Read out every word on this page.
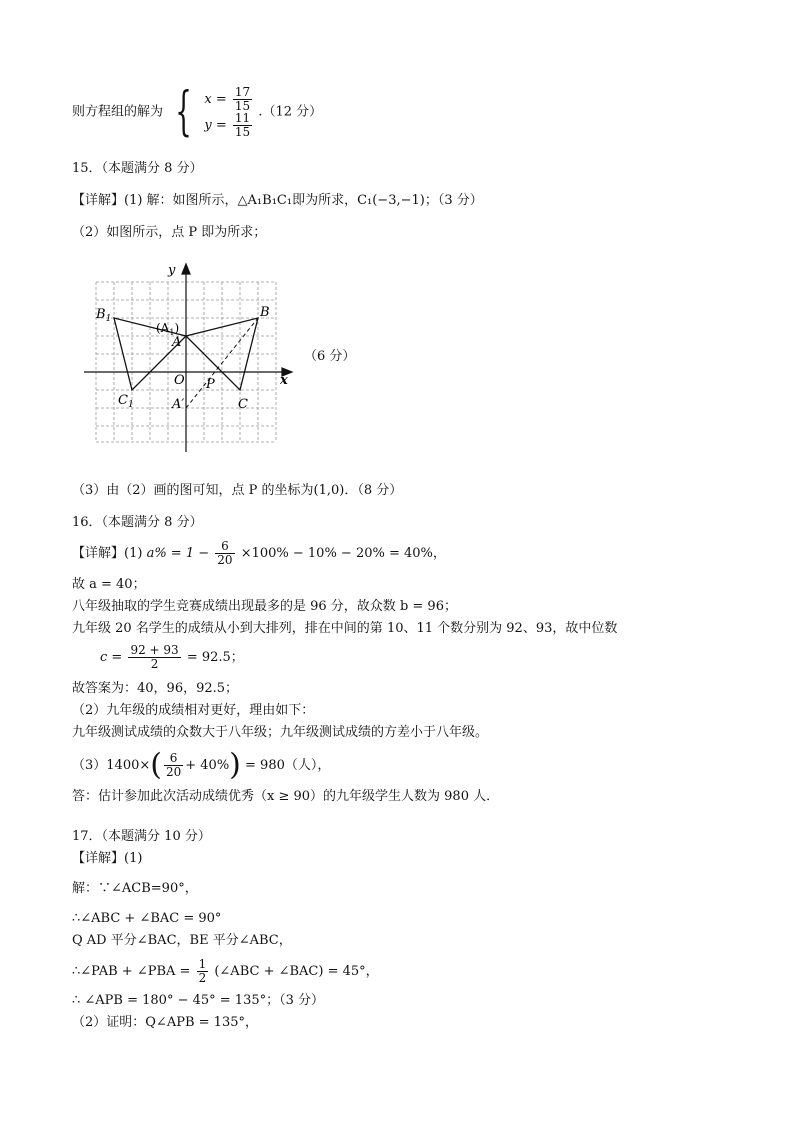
则方程组的解为 { $x = \frac{17}{15}$
$y = \frac{11}{15} .(12$ 分）
15．（本题满分 8 分）
【详解】(1) 解：如图所示，△A₁B₁C₁即为所求，C₁(−3,−1)；（3 分）
（2）如图所示，点 P 即为所求；
y
x
$B_1$
$(A_1)$
A
B
O P
$C_1$	A′	C
（6 分）
（3）由（2）画的图可知，点 P 的坐标为(1,0)．（8 分）
16．（本题满分 8 分）
【详解】(1) $a\% = 1 - \frac{6}{20} \times 100\% - 10\% - 20\% = 40\%$，
故 a = 40；
八年级抽取的学生竞赛成绩出现最多的是 96 分，故众数 b = 96；
九年级 20 名学生的成绩从小到大排列，排在中间的第 10、11 个数分别为 92、93，故中位数
$c = \frac{92 + 93}{2} = 92.5$；
故答案为：40，96，92.5；
（2）九年级的成绩相对更好，理由如下：
九年级测试成绩的众数大于八年级；九年级测试成绩的方差小于八年级。
$(3)1400\times( \frac{6}{20} + 40\%) = 980$（人），
答：估计参加此次活动成绩优秀（x ≥ 90）的九年级学生人数为 980 人．
17．（本题满分 10 分）
【详解】(1)
解：∵∠ACB=90°，
∴∠ABC + ∠BAC = 90°
Q AD 平分∠BAC，BE 平分∠ABC，
∴∠PAB + ∠PBA = $\frac{1}{2}$ (∠ABC + ∠BAC) = 45°，
∴ ∠APB = 180° − 45° = 135°；（3 分）
（2）证明：Q∠APB = 135°，
